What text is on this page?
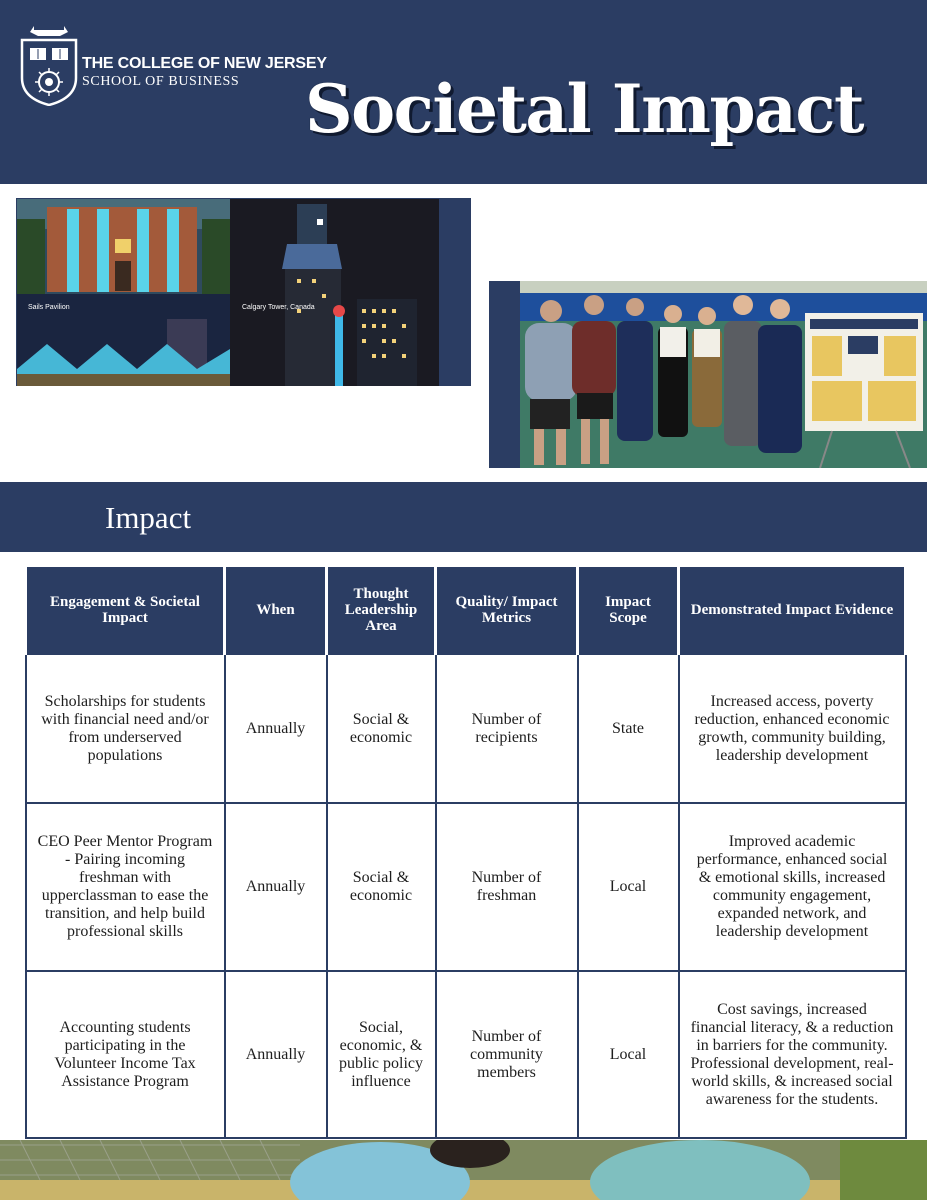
THE COLLEGE OF NEW JERSEY
SCHOOL OF BUSINESS Societal Impact
Sails Pavilion	Calgary Tower, Canada
Impact
Engagement & Societal Impact	When	Thought Leadership Area	Quality/ Impact Metrics	Impact Scope	Demonstrated Impact Evidence
Scholarships for students with financial need and/or from underserved populations	Annually	Social & economic	Number of recipients	State	Increased access, poverty reduction, enhanced economic growth, community building, leadership development
CEO Peer Mentor Program - Pairing incoming freshman with upperclassman to ease the transition, and help build professional skills	Annually	Social & economic	Number of freshman	Local	Improved academic performance, enhanced social & emotional skills, increased community engagement, expanded network, and leadership development
Accounting students participating in the Volunteer Income Tax Assistance Program	Annually	Social, economic, & public policy influence	Number of community members	Local	Cost savings, increased financial literacy, & a reduction in barriers for the community. Professional development, real-world skills, & increased social awareness for the students.
